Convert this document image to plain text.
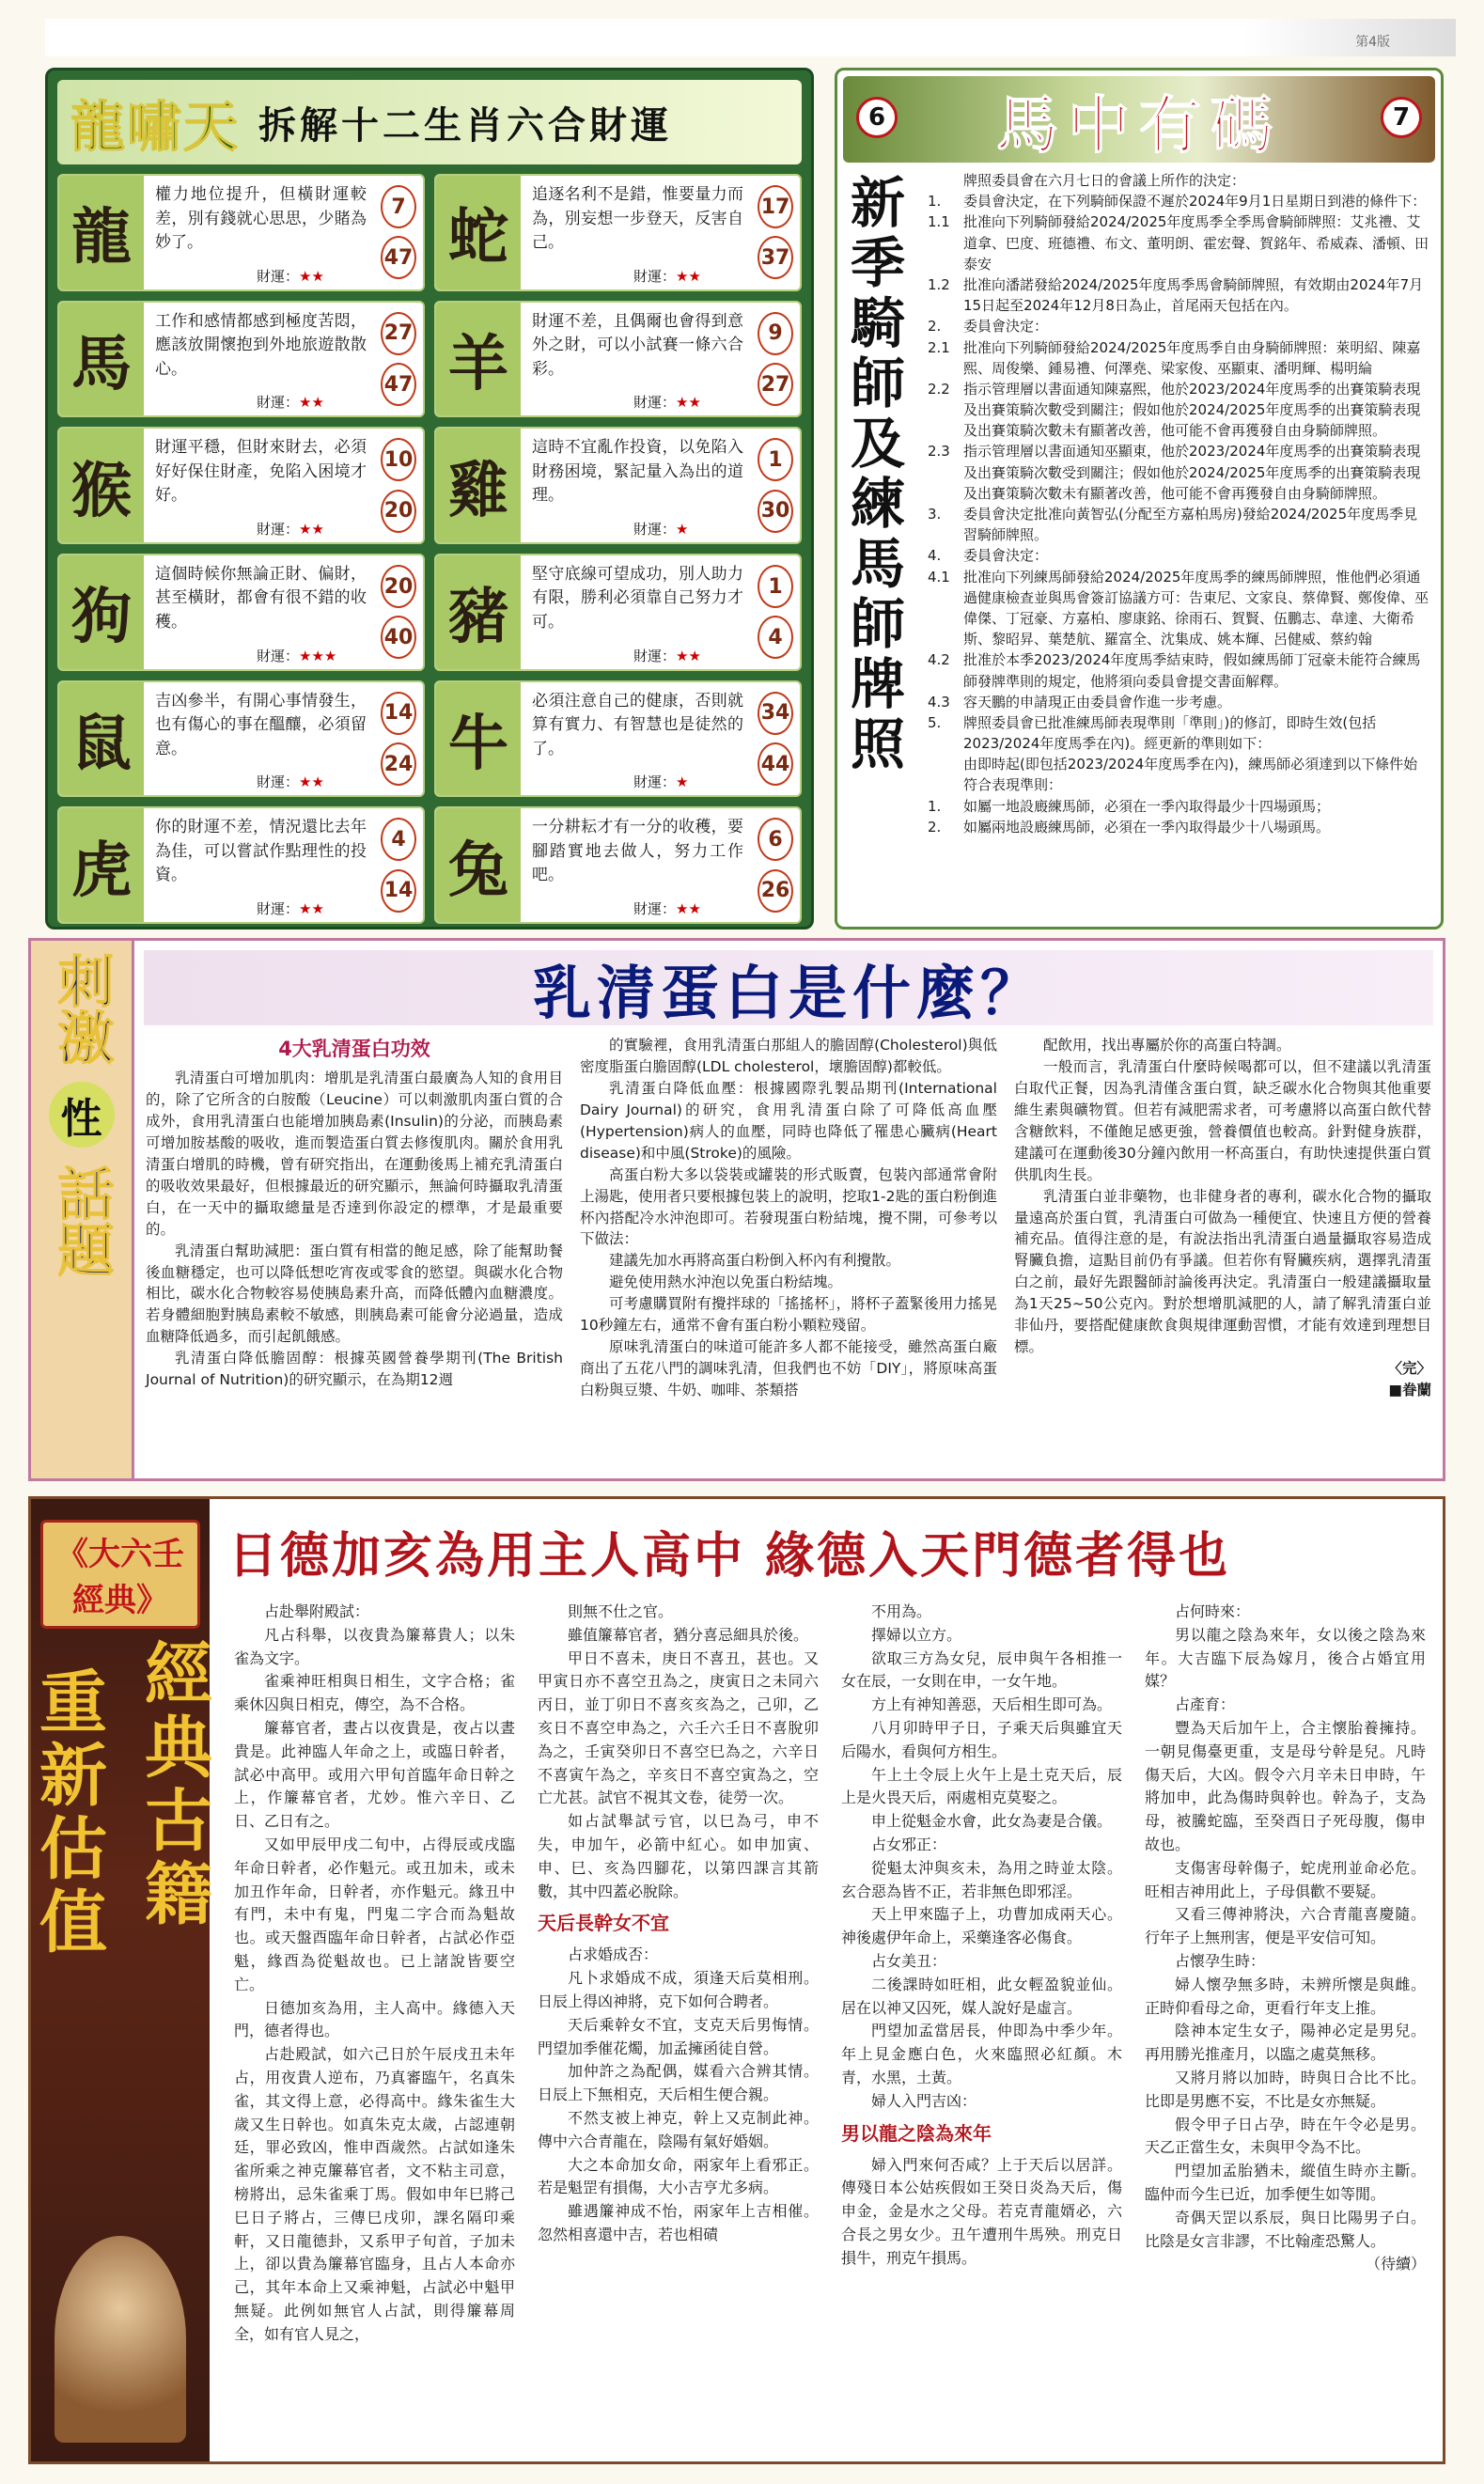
第4版
龍嘯天 拆解十二生肖六合財運
龍
權力地位提升，但橫財運較差，別有錢就心思思，少賭為妙了。
財運：★★
7
47 蛇
追逐名利不是錯，惟要量力而為，別妄想一步登天，反害自己。
財運：★★
17
37
馬
工作和感情都感到極度苦悶，應該放開懷抱到外地旅遊散散心。
財運：★★
27
47 羊
財運不差，且偶爾也會得到意外之財，可以小試賽一條六合彩。
財運：★★
9
27
猴
財運平穩，但財來財去，必須好好保住財產，免陷入困境才好。
財運：★★
10
20 雞
這時不宜亂作投資，以免陷入財務困境，緊記量入為出的道理。
財運：★
1
30
狗
這個時候你無論正財、偏財，甚至橫財，都會有很不錯的收穫。
財運：★★★
20
40 豬
堅守底線可望成功，別人助力有限，勝利必須靠自己努力才可。
財運：★★
1
4
鼠
吉凶參半，有開心事情發生，也有傷心的事在醞釀，必須留意。
財運：★★
14
24 牛
必須注意自己的健康，否則就算有實力、有智慧也是徒然的了。
財運：★
34
44
虎
你的財運不差，情況還比去年為佳，可以嘗試作點理性的投資。
財運：★★
4
14 兔
一分耕耘才有一分的收穫，要腳踏實地去做人，努力工作吧。
財運：★★
6
26
6 馬中有碼	7
新季騎師及練馬師牌照	牌照委員會在六月七日的會議上所作的決定：
1.	委員會決定，在下列騎師保證不遲於2024年9月1日星期日到港的條件下：
1.1 批准向下列騎師發給2024/2025年度馬季全季馬會騎師牌照：艾兆禮、艾道拿、巴度、班德禮、布文、董明朗、霍宏聲、賀銘年、希威森、潘頓、田泰安
1.2 批准向潘諾發給2024/2025年度馬季馬會騎師牌照，有效期由2024年7月15日起至2024年12月8日為止，首尾兩天包括在內。
2.	委員會決定：
2.1 批准向下列騎師發給2024/2025年度馬季自由身騎師牌照：萊明紹、陳嘉熙、周俊樂、鍾易禮、何澤堯、梁家俊、巫顯東、潘明輝、楊明綸
2.2 指示管理層以書面通知陳嘉熙，他於2023/2024年度馬季的出賽策騎表現及出賽策騎次數受到關注；假如他於2024/2025年度馬季的出賽策騎表現及出賽策騎次數未有顯著改善，他可能不會再獲發自由身騎師牌照。
2.3 指示管理層以書面通知巫顯東，他於2023/2024年度馬季的出賽策騎表現及出賽策騎次數受到關注；假如他於2024/2025年度馬季的出賽策騎表現及出賽策騎次數未有顯著改善，他可能不會再獲發自由身騎師牌照。
3.	委員會決定批准向黃智弘(分配至方嘉柏馬房)發給2024/2025年度馬季見習騎師牌照。
4.	委員會決定：
4.1 批准向下列練馬師發給2024/2025年度馬季的練馬師牌照，惟他們必須通過健康檢查並與馬會簽訂協議方可：告東尼、文家良、蔡偉賢、鄭俊偉、巫偉傑、丁冠豪、方嘉柏、廖康銘、徐雨石、賀賢、伍鵬志、韋達、大衛希斯、黎昭昇、葉楚航、羅富全、沈集成、姚本輝、呂健威、蔡約翰
4.2 批准於本季2023/2024年度馬季結束時，假如練馬師丁冠豪未能符合練馬師發牌準則的規定，他將須向委員會提交書面解釋。
4.3 容天鵬的申請現正由委員會作進一步考慮。
5.	牌照委員會已批准練馬師表現準則「準則」)的修訂，即時生效(包括2023/2024年度馬季在內)。經更新的準則如下：
由即時起(即包括2023/2024年度馬季在內)，練馬師必須達到以下條件始符合表現準則：
1.	如屬一地設廄練馬師，必須在一季內取得最少十四場頭馬；
2.	如屬兩地設廄練馬師，必須在一季內取得最少十八場頭馬。
刺激
性
話題
乳清蛋白是什麼？
4大乳清蛋白功效

乳清蛋白可增加肌肉：增肌是乳清蛋白最廣為人知的食用目的，除了它所含的白胺酸（Leucine）可以刺激肌肉蛋白質的合成外，食用乳清蛋白也能增加胰島素(Insulin)的分泌，而胰島素可增加胺基酸的吸收，進而製造蛋白質去修復肌肉。關於食用乳清蛋白增肌的時機，曾有研究指出，在運動後馬上補充乳清蛋白的吸收效果最好，但根據最近的研究顯示，無論何時攝取乳清蛋白，在一天中的攝取總量是否達到你設定的標準，才是最重要的。

乳清蛋白幫助減肥：蛋白質有相當的飽足感，除了能幫助餐後血糖穩定，也可以降低想吃宵夜或零食的慾望。與碳水化合物相比，碳水化合物較容易使胰島素升高，而降低體內血糖濃度。若身體細胞對胰島素較不敏感，則胰島素可能會分泌過量，造成血糖降低過多，而引起飢餓感。

乳清蛋白降低膽固醇：根據英國營養學期刊(The British Journal of Nutrition)的研究顯示，在為期12週

的實驗裡，食用乳清蛋白那組人的膽固醇(Cholesterol)與低密度脂蛋白膽固醇(LDL cholesterol，壞膽固醇)都較低。

乳清蛋白降低血壓：根據國際乳製品期刊(International Dairy Journal)的研究，食用乳清蛋白除了可降低高血壓(Hypertension)病人的血壓，同時也降低了罹患心臟病(Heart disease)和中風(Stroke)的風險。

高蛋白粉大多以袋裝或罐裝的形式販賣，包裝內部通常會附上湯匙，使用者只要根據包裝上的說明，挖取1-2匙的蛋白粉倒進杯內搭配冷水沖泡即可。若發現蛋白粉結塊，攪不開，可參考以下做法：

建議先加水再將高蛋白粉倒入杯內有利攪散。

避免使用熱水沖泡以免蛋白粉結塊。

可考慮購買附有攪拌球的「搖搖杯」，將杯子蓋緊後用力搖晃10秒鐘左右，通常不會有蛋白粉小顆粒殘留。

原味乳清蛋白的味道可能許多人都不能接受，雖然高蛋白廠商出了五花八門的調味乳清，但我們也不妨「DIY」，將原味高蛋白粉與豆漿、牛奶、咖啡、茶類搭

配飲用，找出專屬於你的高蛋白特調。

一般而言，乳清蛋白什麼時候喝都可以，但不建議以乳清蛋白取代正餐，因為乳清僅含蛋白質，缺乏碳水化合物與其他重要維生素與礦物質。但若有減肥需求者，可考慮將以高蛋白飲代替含糖飲料，不僅飽足感更強，營養價值也較高。針對健身族群，建議可在運動後30分鐘內飲用一杯高蛋白，有助快速提供蛋白質供肌肉生長。

乳清蛋白並非藥物，也非健身者的專利，碳水化合物的攝取量遠高於蛋白質，乳清蛋白可做為一種便宜、快速且方便的營養補充品。值得注意的是，有說法指出乳清蛋白過量攝取容易造成腎臟負擔，這點目前仍有爭議。但若你有腎臟疾病，選擇乳清蛋白之前，最好先跟醫師討論後再決定。乳清蛋白一般建議攝取量為1天25~50公克內。對於想增肌減肥的人，請了解乳清蛋白並非仙丹，要搭配健康飲食與規律運動習慣，才能有效達到理想目標。

〈完〉
■眷蘭
《大六壬經典》
重新估值 經典古籍
日德加亥為用主人高中 緣德入天門德者得也

占赴舉附殿試：

凡占科舉，以夜貴為簾幕貴人；以朱雀為文字。

雀乘神旺相與日相生，文字合格；雀乘休囚與日相克，傳空，為不合格。

簾幕官者，晝占以夜貴是，夜占以晝貴是。此神臨人年命之上，或臨日幹者，試必中高甲。或用六甲旬首臨年命日幹之上，作簾幕官者，尤妙。惟六辛日、乙日、乙日有之。

又如甲辰甲戌二旬中，占得辰或戌臨年命日幹者，必作魁元。或丑加未，或未加丑作年命，日幹者，亦作魁元。緣丑中有門，未中有鬼，門鬼二字合而為魁故也。或天盤酉臨年命日幹者，占試必作亞魁，緣酉為從魁故也。已上諸說皆要空亡。

日德加亥為用，主人高中。緣德入天門，德者得也。

占赴殿試，如六己日於午辰戌丑未年占，用夜貴人逆布，乃真審臨午，名真朱雀，其文得上意，必得高中。緣朱雀生大歲又生日幹也。如真朱克太歲，占認連朝廷，罪必致凶，惟申酉歲然。占試如逢朱雀所乘之神克簾幕官者，文不粘主司意，榜將出，忌朱雀乘丁馬。假如申年巳將己巳日子將占，三傳巳戌卯，課名隔印乘軒，又日龍德卦，又系甲子旬首，子加未上，卻以貴為簾幕官臨身，且占人本命亦己，其年本命上又乘神魁，占試必中魁甲無疑。此例如無官人占試，則得簾幕周全，如有官人見之，

則無不仕之官。

雖值簾幕官者，猶分喜忌細具於後。

甲日不喜未，庚日不喜丑，甚也。又甲寅日亦不喜空丑為之，庚寅日之未同六丙日，並丁卯日不喜亥亥為之，己卯，乙亥日不喜空申為之，六壬六壬日不喜脫卯為之，壬寅癸卯日不喜空巳為之，六辛日不喜寅午為之，辛亥日不喜空寅為之，空亡尤甚。試官不視其文卷，徒勞一次。

如占試舉試亏官，以巳為弓，申不失，申加午，必箭中紅心。如申加寅、申、巳、亥為四腳花，以第四課言其箭數，其中四蓋必脫除。

天后長幹女不宜

占求婚成否：

凡卜求婚成不成，須逢天后莫相刑。日辰上得凶神將，克下如何合聘者。

天后乘幹女不宜，支克天后男悔情。門望加季催花燭，加孟擁函徒自營。

加仲許之為配偶，媒看六合辨其情。日辰上下無相克，天后相生便合親。

不然支被上神克，幹上又克制此神。傳中六合青龍在，陰陽有氣好婚姻。

大之本命加女命，兩家年上看邪正。若是魁罡有損傷，大小吉亨尤多病。

雖遇簾神成不怡，兩家年上吉相催。忽然相喜還中吉，若也相磧

不用為。

擇婦以立方。

欲取三方為女兒，辰申與午各相推一女在辰，一女則在申，一女午地。

方上有神知善惡，天后相生即可為。

八月卯時甲子日，子乘天后與雖宜天后陽水，看與何方相生。

午上土令辰上火午上是土克天后，辰上是火畏天后，兩處相克莫娶之。

申上從魁金水會，此女為妻是合儀。

占女邪正：

從魁太沖與亥未，為用之時並太陰。玄合惡為皆不正，若非無色即邪淫。

天上甲來臨子上，功曹加成兩天心。神後處伊年命上，采藥逢客必傷食。

占女美丑：

二後課時如旺相，此女輕盈貌並仙。居在以神又囚死，媒人說好是虛言。

門望加孟當居長，仲即為中季少年。年上見金應白色，火來臨照必紅顏。木青，水黑，土黃。

婦人入門吉凶：

男以龍之陰為來年

婦入門來何否咸？上于天后以居詳。傳殘日本公姑疾假如王癸日炎為天后，傷申金，金是水之父母。若克青龍婿必，六合長之男女少。丑午遭刑牛馬殃。刑克日損牛，刑克午損馬。

占何時來：

男以龍之陰為來年，女以後之陰為來年。大吉臨下辰為嫁月，後合占婚宜用媒？

占產育：

豐為天后加午上，合主懷胎養擁持。一朝見傷臺更重，支是母兮幹是兒。凡時傷天后，大凶。假令六月辛未日申時，午將加申，此為傷時與幹也。幹為子，支為母，被騰蛇臨，至癸酉日子死母腹，傷申故也。

支傷害母幹傷子，蛇虎刑並命必危。旺相吉神用此上，子母俱歡不要疑。

又看三傳神將決，六合青龍喜慶隨。行年子上無刑害，便是平安信可知。

占懷孕生時：

婦人懷孕無多時，未辨所懷是與雌。正時仰看母之命，更看行年支上推。

陰神本定生女子，陽神必定是男兒。再用勝光推產月，以臨之處莫無移。

又將月將以加時，時與日合比不比。比即是男應不妄，不比是女亦無疑。

假令甲子日占孕，時在午令必是男。天乙正當生女，未與甲令為不比。

門望加孟胎猶未，縱值生時亦主斷。臨仲而今生已近，加季便生如等閒。

奇偶天罡以系辰，與日比陽男子白。比陰是女言非謬，不比翰產恐驚人。

（待續）
